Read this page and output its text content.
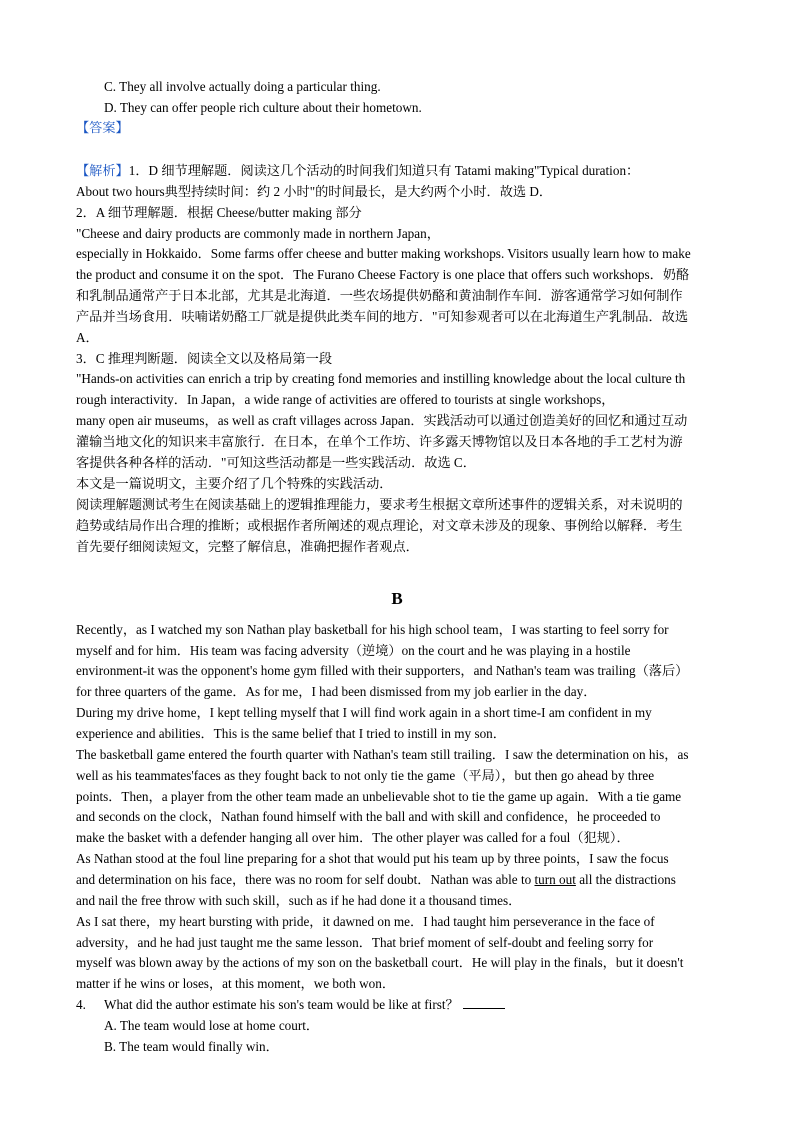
C. They all involve actually doing a particular thing.
D. They can offer people rich culture about their hometown.
【答案】
【解析】1．D 细节理解题．阅读这几个活动的时间我们知道只有 Tatami making"Typical duration：
About two hours典型持续时间：约 2 小时"的时间最长，是大约两个小时．故选 D．
2．A 细节理解题．根据 Cheese/butter making 部分
"Cheese and dairy products are commonly made in northern Japan，
especially in Hokkaido．Some farms offer cheese and butter making workshops. Visitors usually learn how to make
the product and consume it on the spot．The Furano Cheese Factory is one place that offers such workshops．奶酪
和乳制品通常产于日本北部，尤其是北海道．一些农场提供奶酪和黄油制作车间．游客通常学习如何制作
产品并当场食用．呋喃诺奶酪工厂就是提供此类车间的地方．"可知参观者可以在北海道生产乳制品．故选
A．
3．C 推理判断题．阅读全文以及格局第一段
"Hands-on activities can enrich a trip by creating fond memories and instilling knowledge about the local culture th
rough interactivity．In Japan，a wide range of activities are offered to tourists at single workshops，
many open air museums，as well as craft villages across Japan．实践活动可以通过创造美好的回忆和通过互动
灌输当地文化的知识来丰富旅行．在日本，在单个工作坊、许多露天博物馆以及日本各地的手工艺村为游
客提供各种各样的活动．"可知这些活动都是一些实践活动．故选 C．
本文是一篇说明文，主要介绍了几个特殊的实践活动．
阅读理解题测试考生在阅读基础上的逻辑推理能力，要求考生根据文章所述事件的逻辑关系，对未说明的
趋势或结局作出合理的推断；或根据作者所阐述的观点理论，对文章未涉及的现象、事例给以解释．考生
首先要仔细阅读短文，完整了解信息，准确把握作者观点．
B
Recently，as I watched my son Nathan play basketball for his high school team，I was starting to feel sorry for
myself and for him．His team was facing adversity（逆境）on the court and he was playing in a hostile
environment-it was the opponent's home gym filled with their supporters，and Nathan's team was trailing（落后）
for three quarters of the game．As for me，I had been dismissed from my job earlier in the day．
During my drive home，I kept telling myself that I will find work again in a short time-I am confident in my
experience and abilities．This is the same belief that I tried to instill in my son．
The basketball game entered the fourth quarter with Nathan's team still trailing．I saw the determination on his，as
well as his teammates'faces as they fought back to not only tie the game（平局），but then go ahead by three
points．Then，a player from the other team made an unbelievable shot to tie the game up again．With a tie game
and seconds on the clock，Nathan found himself with the ball and with skill and confidence，he proceeded to
make the basket with a defender hanging all over him．The other player was called for a foul（犯规）．
As Nathan stood at the foul line preparing for a shot that would put his team up by three points，I saw the focus
and determination on his face，there was no room for self doubt．Nathan was able to turn out all the distractions
and nail the free throw with such skill，such as if he had done it a thousand times．
As I sat there，my heart bursting with pride，it dawned on me．I had taught him perseverance in the face of
adversity，and he had just taught me the same lesson．That brief moment of self-doubt and feeling sorry for
myself was blown away by the actions of my son on the basketball court．He will play in the finals，but it doesn't
matter if he wins or loses，at this moment，we both won．
4. What did the author estimate his son's team would be like at first？
A. The team would lose at home court．
B. The team would finally win．
